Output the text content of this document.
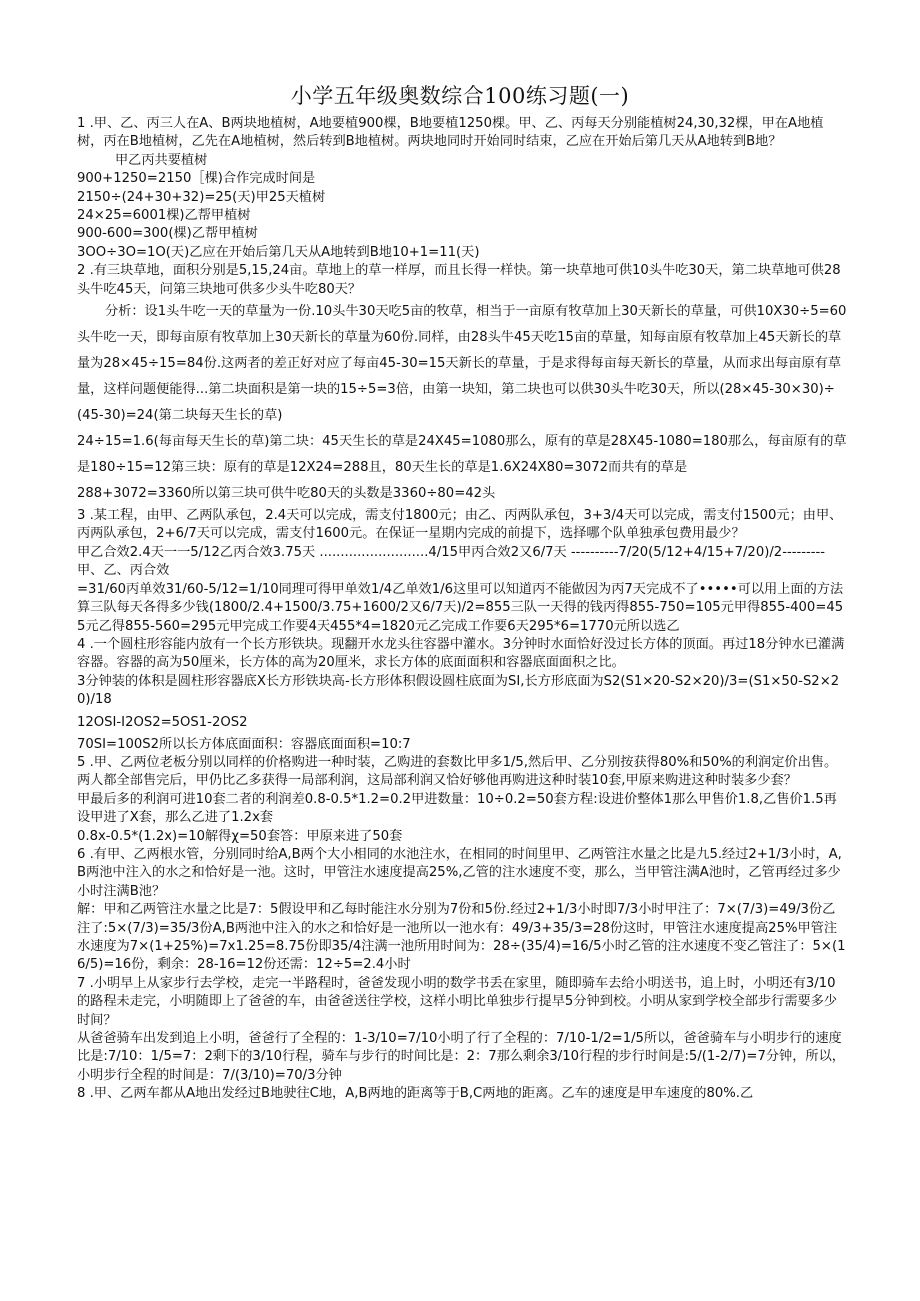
小学五年级奥数综合100练习题(一)

1 .甲、乙、丙三人在A、B两块地植树，A地要植900棵，B地要植1250棵。甲、乙、丙每天分别能植树24,30,32棵，甲在A地植树，丙在B地植树，乙先在A地植树，然后转到B地植树。两块地同时开始同时结束，乙应在开始后第几天从A地转到B地？

甲乙丙共要植树

900+1250=2150［棵)合作完成时间是

2150÷(24+30+32)=25(天)甲25天植树

24×25=6001棵)乙帮甲植树

900-600=300(棵)乙帮甲植树

3OO÷3O=1O(天)乙应在开始后第几天从A地转到B地10+1=11(天)

2 .有三块草地，面积分别是5,15,24亩。草地上的草一样厚，而且长得一样快。第一块草地可供10头牛吃30天，第二块草地可供28头牛吃45天，问第三块地可供多少头牛吃80天？

分析：设1头牛吃一天的草量为一份.10头牛30天吃5亩的牧草，相当于一亩原有牧草加上30天新长的草量，可供10X30÷5=60头牛吃一天，即每亩原有牧草加上30天新长的草量为60份.同样，由28头牛45天吃15亩的草量，知每亩原有牧草加上45天新长的草量为28×45÷15=84份.这两者的差正好对应了每亩45-30=15天新长的草量，于是求得每亩每天新长的草量，从而求出每亩原有草量，这样问题便能得...第二块面积是第一块的15÷5=3倍，由第一块知，第二块也可以供30头牛吃30天，所以(28×45-30×30)÷(45-30)=24(第二块每天生长的草)

24÷15=1.6(每亩每天生长的草)第二块：45天生长的草是24X45=1080那么，原有的草是28X45-1080=180那么，每亩原有的草是180÷15=12第三块：原有的草是12X24=288且，80天生长的草是1.6X24X80=3072而共有的草是

288+3072=3360所以第三块可供牛吃80天的头数是3360÷80=42头

3 .某工程，由甲、乙两队承包，2.4天可以完成，需支付1800元；由乙、丙两队承包，3+3/4天可以完成，需支付1500元；由甲、丙两队承包，2+6/7天可以完成，需支付1600元。在保证一星期内完成的前提下，选择哪个队单独承包费用最少？

甲乙合效2.4天一一5/12乙丙合效3.75天 ..........................4/15甲丙合效2又6/7天 ----------7/20(5/12+4/15+7/20)/2---------甲、乙、丙合效

=31/60丙单效31/60-5/12=1/10同理可得甲单效1/4乙单效1/6这里可以知道丙不能做因为丙7天完成不了•••••可以用上面的方法算三队每天各得多少钱(1800/2.4+1500/3.75+1600/2又6/7天)/2=855三队一天得的钱丙得855-750=105元甲得855-400=455元乙得855-560=295元甲完成工作要4天455*4=1820元乙完成工作要6天295*6=1770元所以选乙

4 .一个圆柱形容能内放有一个长方形铁块。现翻开水龙头往容器中灌水。3分钟时水面恰好没过长方体的顶面。再过18分钟水已灌满容器。容器的高为50厘米，长方体的高为20厘米，求长方体的底面面积和容器底面面积之比。

3分钟装的体积是圆柱形容器底X长方形铁块高-长方形体积假设圆柱底面为SI,长方形底面为S2(S1×20-S2×20)/3=(S1×50-S2×20)/18

12OSI-I2OS2=5OS1-2OS2

70SI=100S2所以长方体底面面积：容器底面面积=10:7

5 .甲、乙两位老板分别以同样的价格购进一种时装，乙购进的套数比甲多1/5,然后甲、乙分别按获得80%和50%的利润定价出售。两人都全部售完后，甲仍比乙多获得一局部利润，这局部利润又恰好够他再购进这种时装10套,甲原来购进这种时装多少套？

甲最后多的利润可进10套二者的利润差0.8-0.5*1.2=0.2甲进数量：10÷0.2=50套方程:设进价整体1那么甲售价1.8,乙售价1.5再设甲进了X套，那么乙进了1.2x套

0.8x-0.5*(1.2x)=10解得χ=50套答：甲原来进了50套

6 .有甲、乙两根水管，分别同时给A,B两个大小相同的水池注水，在相同的时间里甲、乙两管注水量之比是九5.经过2+1/3小时，A,B两池中注入的水之和恰好是一池。这时，甲管注水速度提高25%,乙管的注水速度不变，那么，当甲管注满A池时，乙管再经过多少小时注满B池？

解：甲和乙两管注水量之比是7：5假设甲和乙每时能注水分别为7份和5份.经过2+1/3小时即7/3小时甲注了：7×(7/3)=49/3份乙注了:5×(7/3)=35/3份A,B两池中注入的水之和恰好是一池所以一池水有：49/3+35/3=28份这时，甲管注水速度提高25%甲管注水速度为7×(1+25%)=7x1.25=8.75份即35/4注满一池所用时间为：28÷(35/4)=16/5小时乙管的注水速度不变乙管注了：5×(16/5)=16份，剩余：28-16=12份还需：12÷5=2.4小时

7 .小明早上从家步行去学校，走完一半路程时，爸爸发现小明的数学书丢在家里，随即骑车去给小明送书，追上时，小明还有3/10的路程未走完，小明随即上了爸爸的车，由爸爸送往学校，这样小明比单独步行提早5分钟到校。小明从家到学校全部步行需要多少时间？

从爸爸骑车出发到追上小明，爸爸行了全程的：1-3/10=7/10小明了行了全程的：7/10-1/2=1/5所以，爸爸骑车与小明步行的速度比是:7/10：1/5=7：2剩下的3/10行程，骑车与步行的时间比是：2：7那么剩余3/10行程的步行时间是:5/(1-2/7)=7分钟，所以，小明步行全程的时间是：7/(3/10)=70/3分钟

8 .甲、乙两车都从A地出发经过B地驶往C地，A,B两地的距离等于B,C两地的距离。乙车的速度是甲车速度的80%.乙
